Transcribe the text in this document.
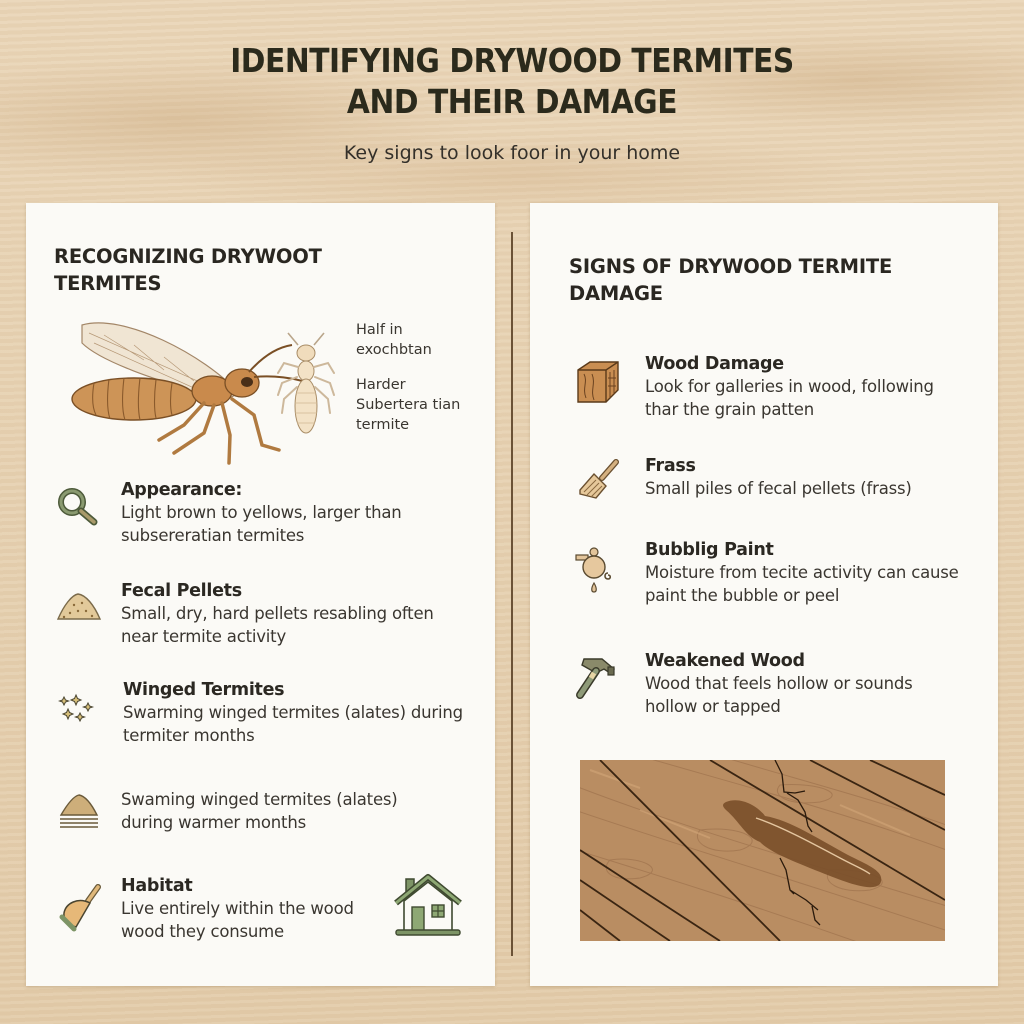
IDENTIFYING DRYWOOD TERMITES
AND THEIR DAMAGE
Key signs to look foor in your home
RECOGNIZING DRYWOOT
TERMITES
Half in
exochbtan
Harder
Subertera tian
termite
Appearance:
Light brown to yellows, larger than
subsereratian termites
Fecal Pellets
Small, dry, hard pellets resabling often
near termite activity
Winged Termites
Swarming winged termites (alates) during
termiter months
Swaming winged termites (alates)
during warmer months
Habitat
Live entirely within the wood
wood they consume
SIGNS OF DRYWOOD TERMITE
DAMAGE
Wood Damage
Look for galleries in wood, following
thar the grain patten
Frass
Small piles of fecal pellets (frass)
Bubblig Paint
Moisture from tecite activity can cause
paint the bubble or peel
Weakened Wood
Wood that feels hollow or sounds
hollow or tapped
